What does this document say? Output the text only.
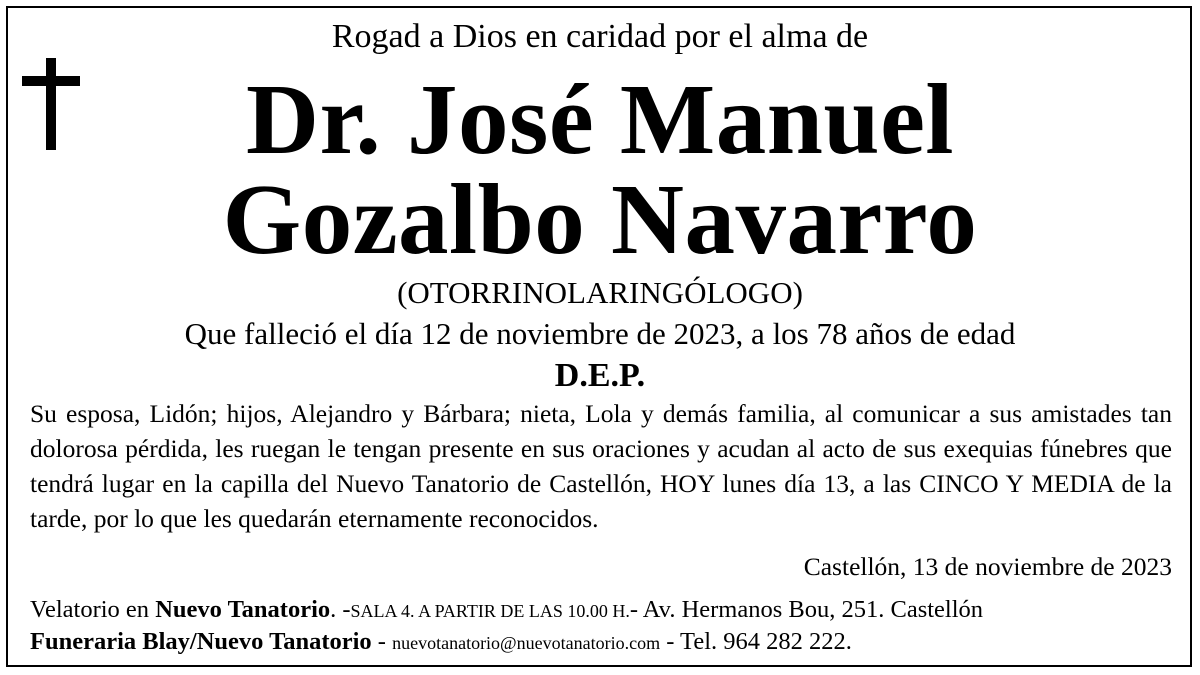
Rogad a Dios en caridad por el alma de
Dr. José Manuel
Gozalbo Navarro
(OTORRINOLARINGÓLOGO)
Que falleció el día 12 de noviembre de 2023, a los 78 años de edad
D.E.P.
Su esposa, Lidón; hijos, Alejandro y Bárbara; nieta, Lola y demás familia, al comunicar a sus amistades tan dolorosa pérdida, les ruegan le tengan presente en sus oraciones y acudan al acto de sus exequias fúnebres que tendrá lugar en la capilla del Nuevo Tanatorio de Castellón, HOY lunes día 13, a las CINCO Y MEDIA de la tarde, por lo que les quedarán eternamente reconocidos.
Castellón, 13 de noviembre de 2023
Velatorio en Nuevo Tanatorio. -SALA 4. A PARTIR DE LAS 10.00 H.- Av. Hermanos Bou, 251. Castellón
Funeraria Blay/Nuevo Tanatorio - nuevotanatorio@nuevotanatorio.com - Tel. 964 282 222.
